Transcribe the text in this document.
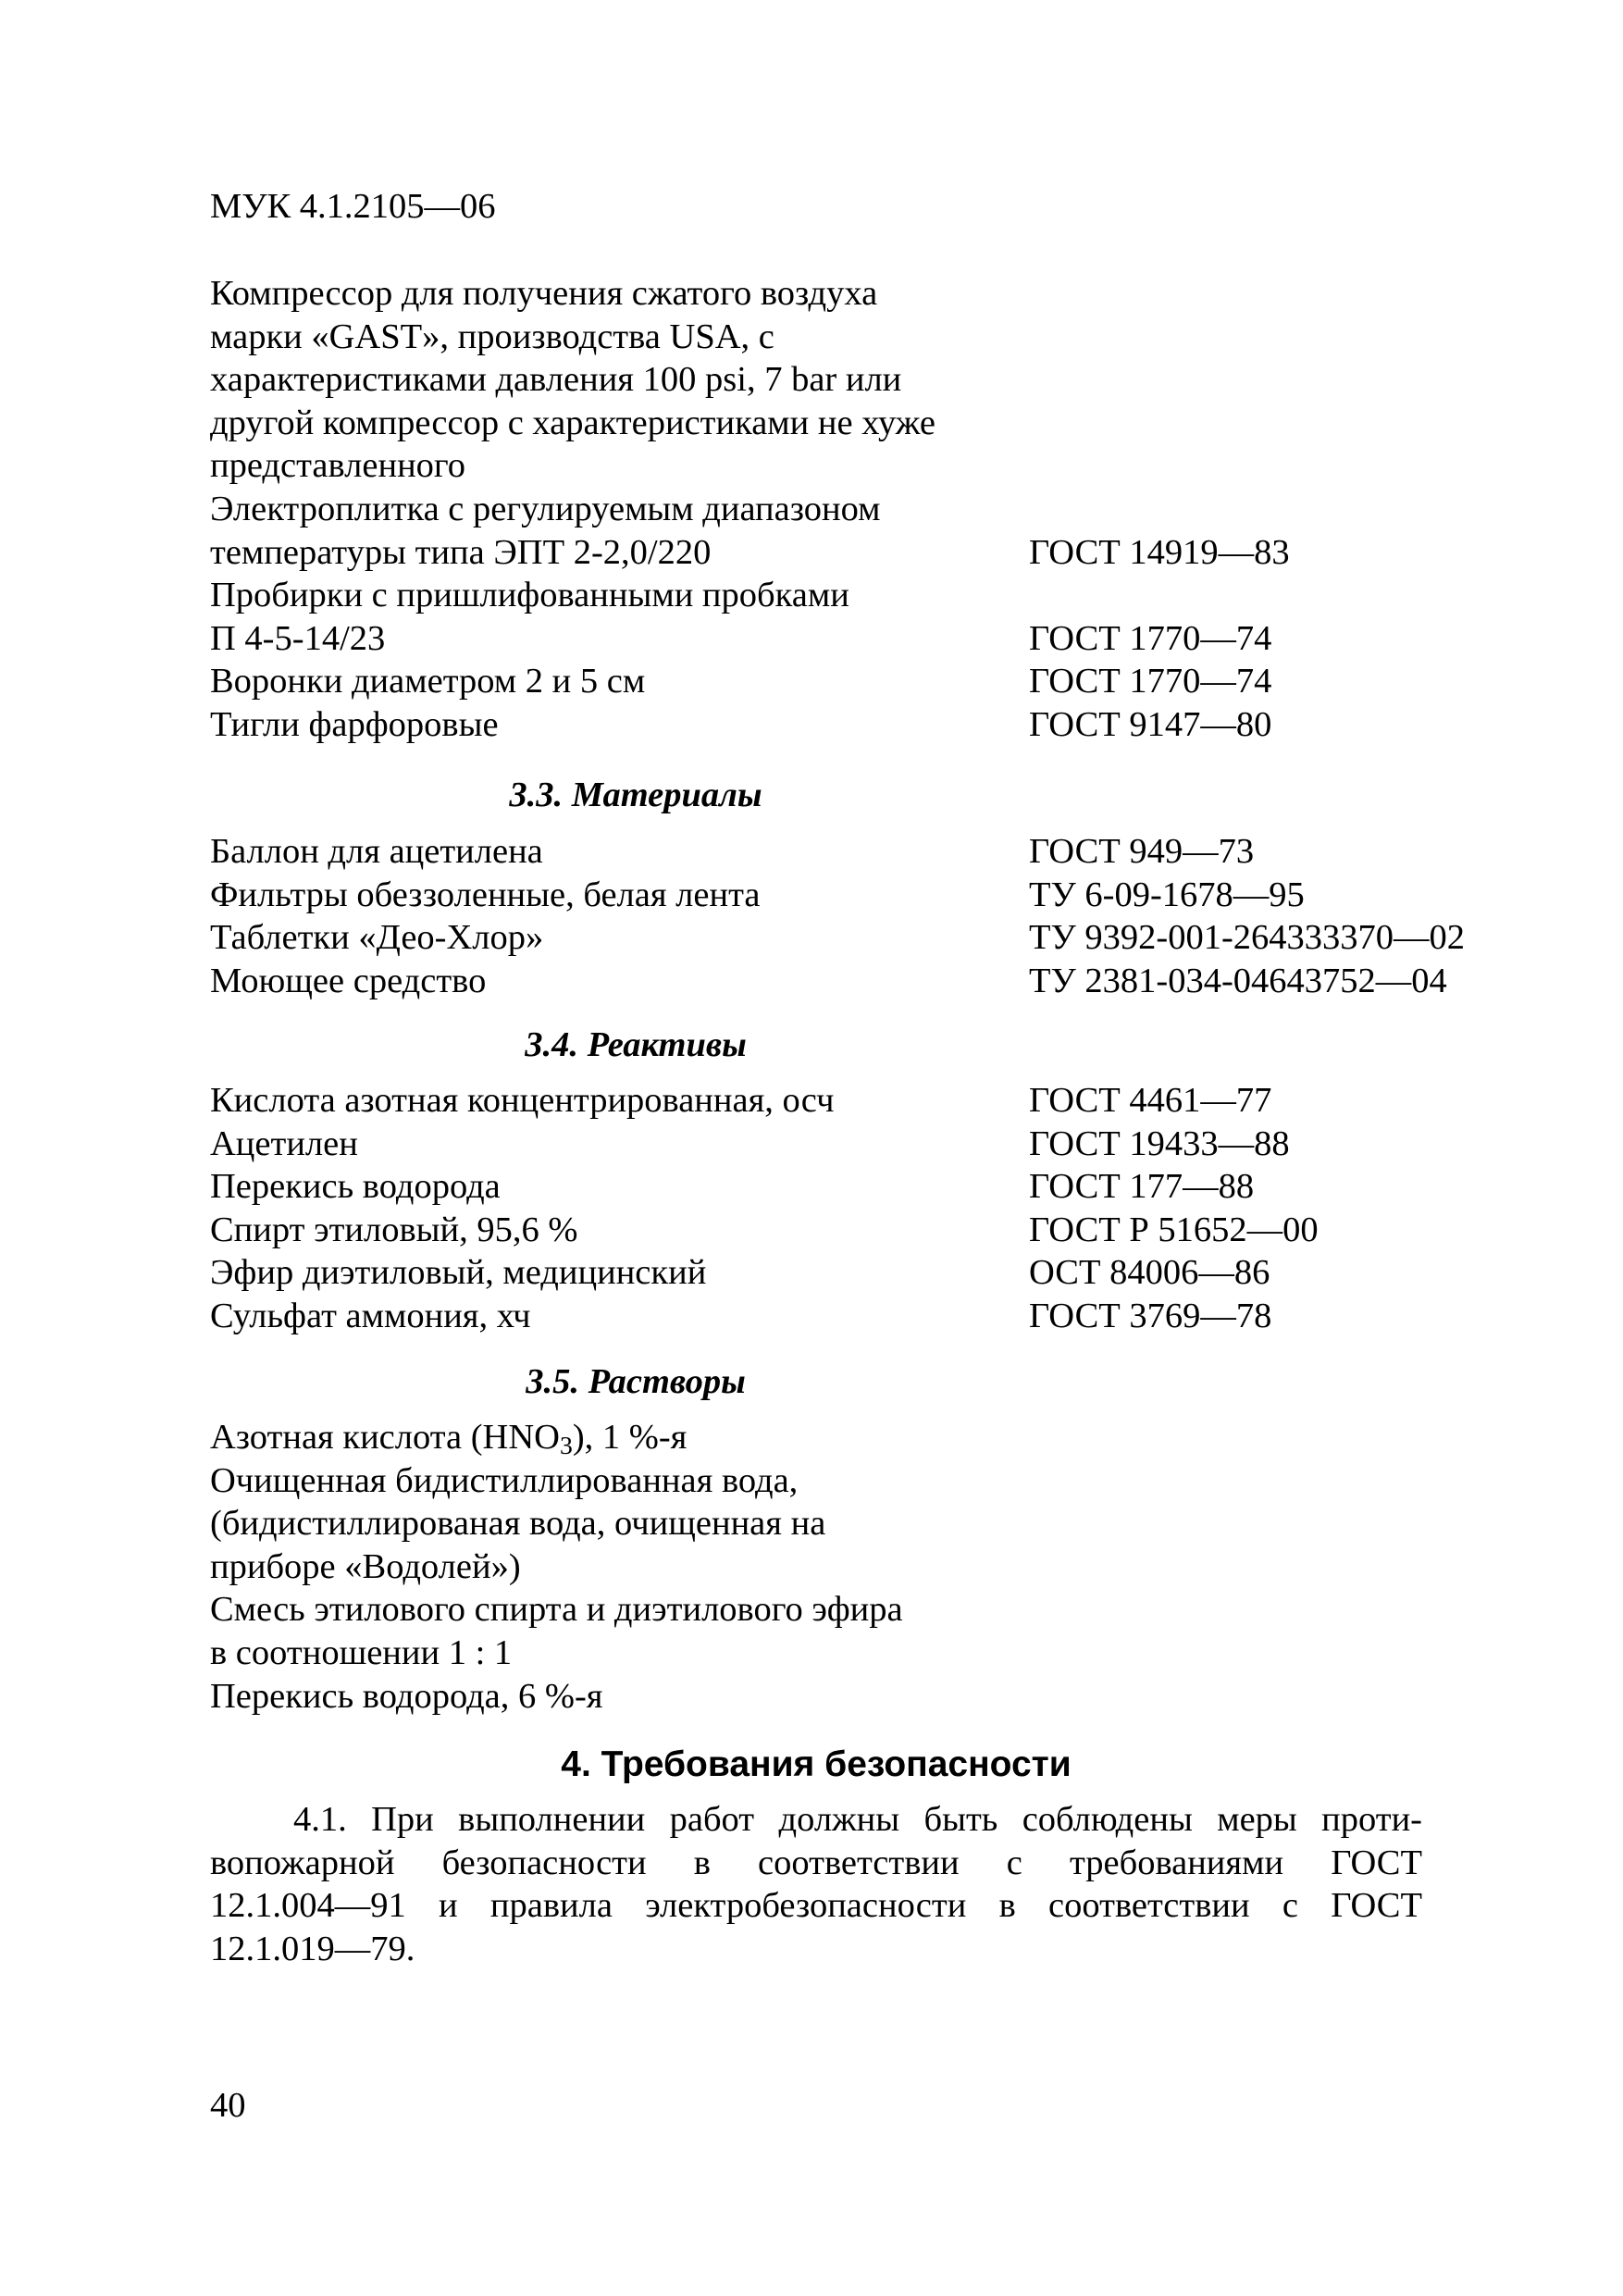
МУК 4.1.2105—06
Компрессор для получения сжатого воздуха
марки «GAST», производства USA, с
характеристиками давления 100 psi, 7 bar или
другой компрессор с характеристиками не хуже
представленного
Электроплитка с регулируемым диапазоном
температуры типа ЭПТ 2-2,0/220	ГОСТ 14919—83
Пробирки с пришлифованными пробками
П 4-5-14/23	ГОСТ 1770—74
Воронки диаметром 2 и 5 см	ГОСТ 1770—74
Тигли фарфоровые	ГОСТ 9147—80
3.3. Материалы
Баллон для ацетилена	ГОСТ 949—73
Фильтры обеззоленные, белая лента	ТУ 6-09-1678—95
Таблетки «Део-Хлор»	ТУ 9392-001-264333370—02
Моющее средство	ТУ 2381-034-04643752—04
3.4. Реактивы
Кислота азотная концентрированная, осч	ГОСТ 4461—77
Ацетилен	ГОСТ 19433—88
Перекись водорода	ГОСТ 177—88
Спирт этиловый, 95,6 %	ГОСТ Р 51652—00
Эфир диэтиловый, медицинский	ОСТ 84006—86
Сульфат аммония, хч	ГОСТ 3769—78
3.5. Растворы
Азотная кислота $(HNO_3)$, 1 %-я
Очищенная бидистиллированная вода,
(бидистиллированая вода, очищенная на
приборе «Водолей»)
Смесь этилового спирта и диэтилового эфира
в соотношении 1 : 1
Перекись водорода, 6 %-я
4. Требования безопасности
4.1. При выполнении работ должны быть соблюдены меры проти-
вопожарной безопасности в соответствии с требованиями ГОСТ
12.1.004—91 и правила электробезопасности в соответствии с ГОСТ
12.1.019—79.
40
